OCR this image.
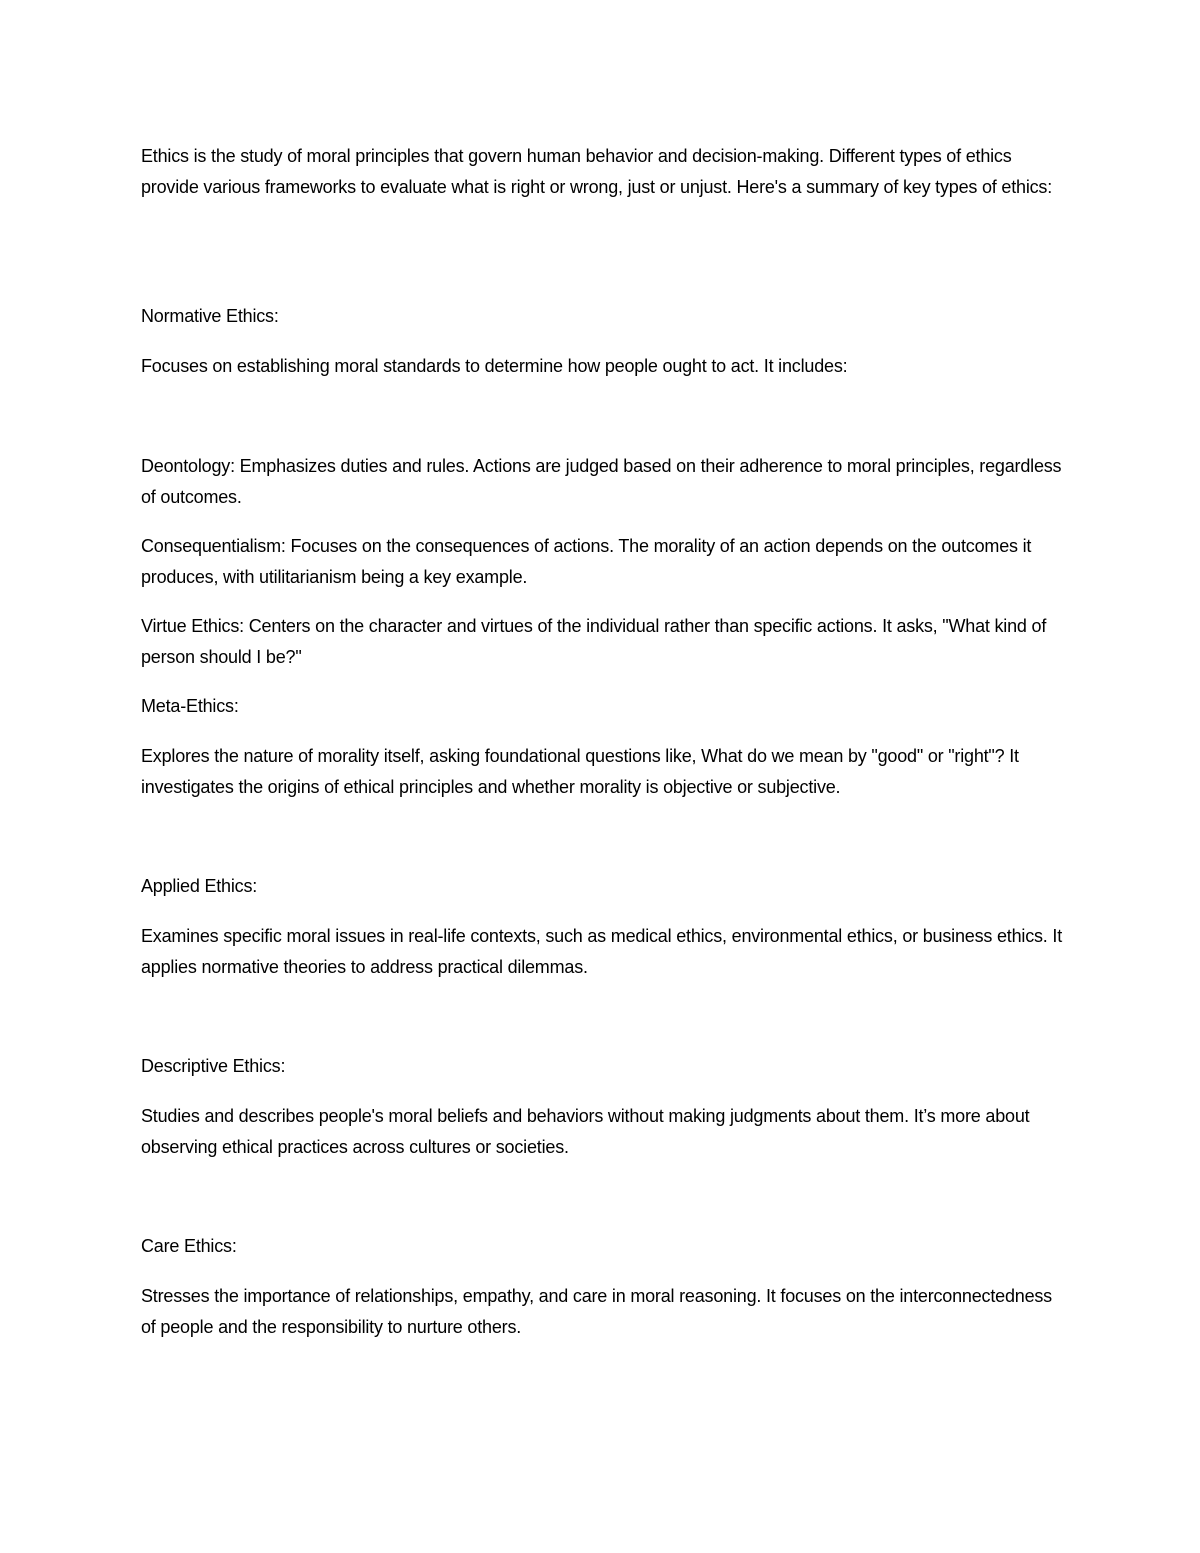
Ethics is the study of moral principles that govern human behavior and decision-making. Different types of ethics provide various frameworks to evaluate what is right or wrong, just or unjust. Here's a summary of key types of ethics:

Normative Ethics:

Focuses on establishing moral standards to determine how people ought to act. It includes:

Deontology: Emphasizes duties and rules. Actions are judged based on their adherence to moral principles, regardless of outcomes.

Consequentialism: Focuses on the consequences of actions. The morality of an action depends on the outcomes it produces, with utilitarianism being a key example.

Virtue Ethics: Centers on the character and virtues of the individual rather than specific actions. It asks, "What kind of person should I be?"

Meta-Ethics:

Explores the nature of morality itself, asking foundational questions like, What do we mean by "good" or "right"? It investigates the origins of ethical principles and whether morality is objective or subjective.

Applied Ethics:

Examines specific moral issues in real-life contexts, such as medical ethics, environmental ethics, or business ethics. It applies normative theories to address practical dilemmas.

Descriptive Ethics:

Studies and describes people's moral beliefs and behaviors without making judgments about them. It’s more about observing ethical practices across cultures or societies.

Care Ethics:

Stresses the importance of relationships, empathy, and care in moral reasoning. It focuses on the interconnectedness of people and the responsibility to nurture others.
